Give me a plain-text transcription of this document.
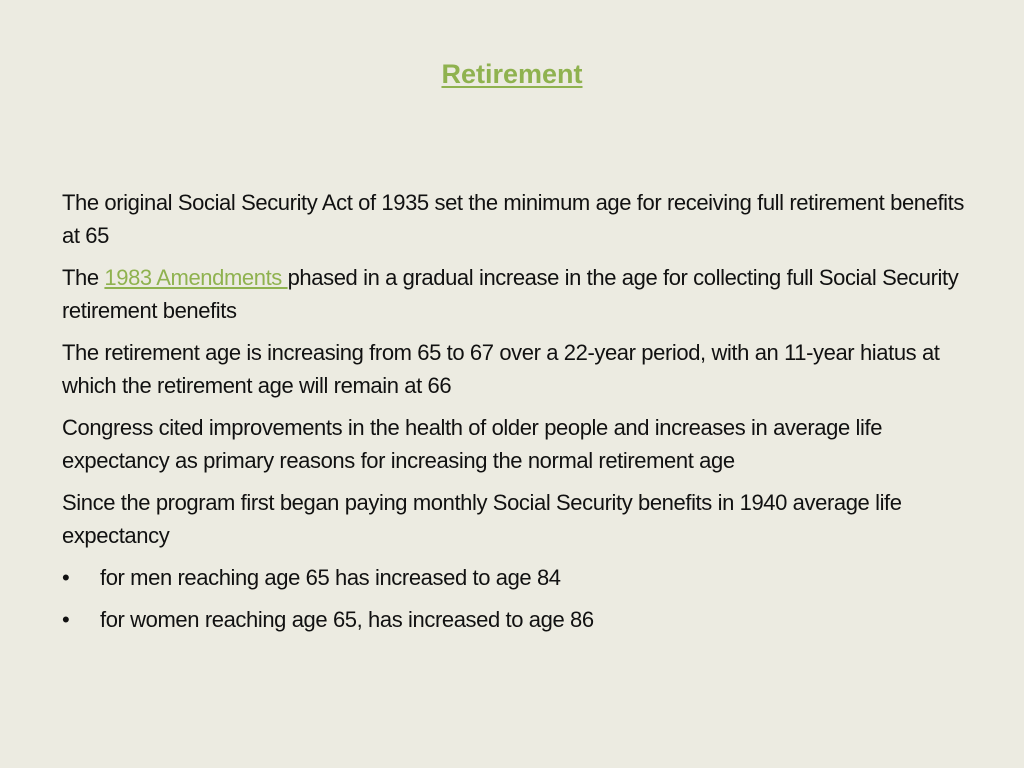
Retirement

The original Social Security Act of 1935 set the minimum age for receiving full retirement benefits at 65

The 1983 Amendments phased in a gradual increase in the age for collecting full Social Security retirement benefits

The retirement age is increasing from 65 to 67 over a 22-year period, with an 11-year hiatus at which the retirement age will remain at 66

Congress cited improvements in the health of older people and increases in average life expectancy as primary reasons for increasing the normal retirement age

Since the program first began paying monthly Social Security benefits in 1940 average life expectancy

•	for men reaching age 65 has increased to age 84
•	for women reaching age 65, has increased to age 86
